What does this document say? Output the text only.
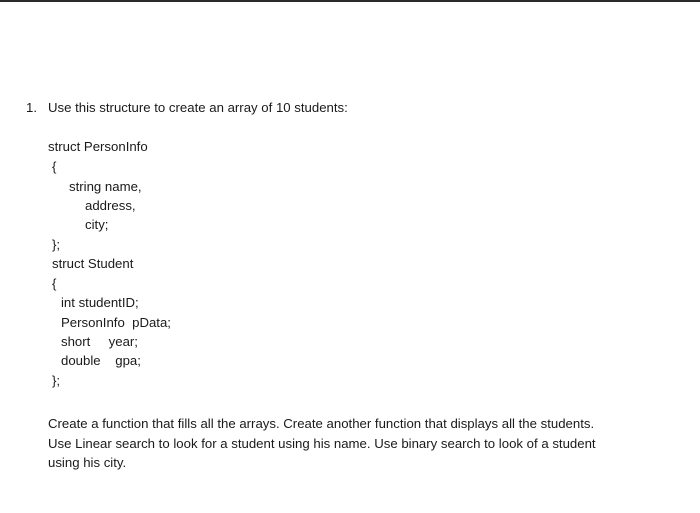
1. Use this structure to create an array of 10 students:
struct PersonInfo
{
string name,
address,
city;
};
struct Student
{
int studentID;
PersonInfo  pData;
short     year;
double    gpa;
};
Create a function that fills all the arrays. Create another function that displays all the students.
Use Linear search to look for a student using his name. Use binary search to look of a student
using his city.
